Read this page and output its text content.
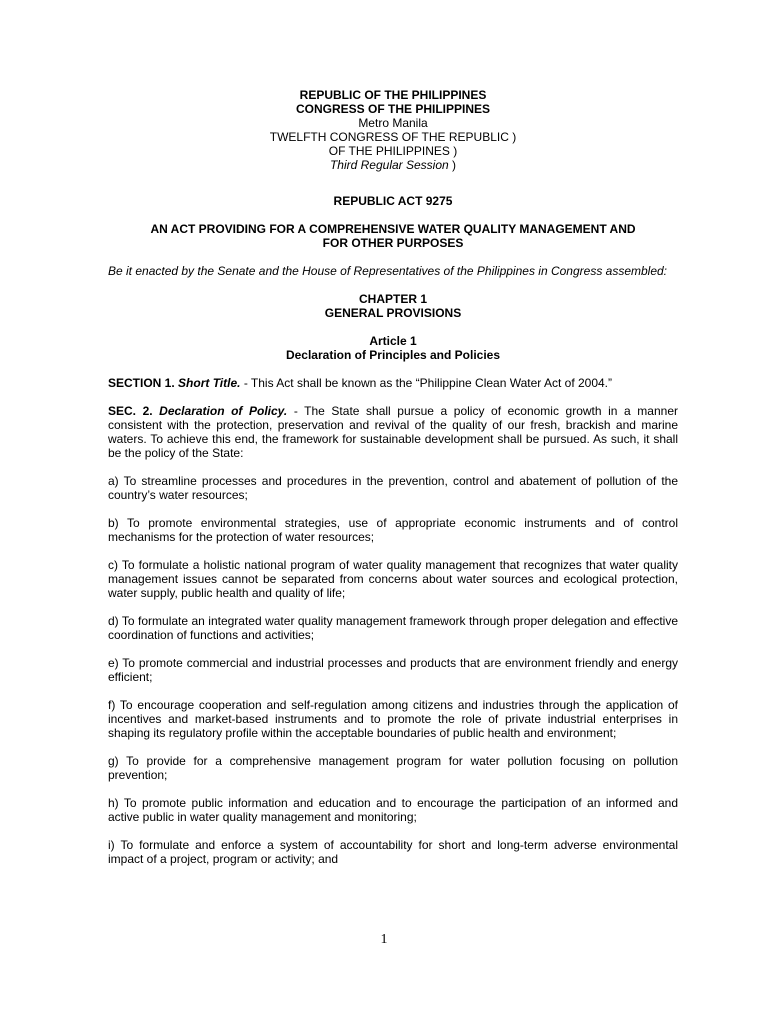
REPUBLIC OF THE PHILIPPINES
CONGRESS OF THE PHILIPPINES
Metro Manila
TWELFTH CONGRESS OF THE REPUBLIC )
OF THE PHILIPPINES )
Third Regular Session )
REPUBLIC ACT 9275
AN ACT PROVIDING FOR A COMPREHENSIVE WATER QUALITY MANAGEMENT AND
FOR OTHER PURPOSES
Be it enacted by the Senate and the House of Representatives of the Philippines in Congress assembled:
CHAPTER 1
GENERAL PROVISIONS
Article 1
Declaration of Principles and Policies
SECTION 1. Short Title. - This Act shall be known as the “Philippine Clean Water Act of 2004.”
SEC. 2. Declaration of Policy. - The State shall pursue a policy of economic growth in a manner consistent with the protection, preservation and revival of the quality of our fresh, brackish and marine waters. To achieve this end, the framework for sustainable development shall be pursued. As such, it shall be the policy of the State:
a) To streamline processes and procedures in the prevention, control and abatement of pollution of the country’s water resources;
b) To promote environmental strategies, use of appropriate economic instruments and of control mechanisms for the protection of water resources;
c) To formulate a holistic national program of water quality management that recognizes that water quality management issues cannot be separated from concerns about water sources and ecological protection, water supply, public health and quality of life;
d) To formulate an integrated water quality management framework through proper delegation and effective coordination of functions and activities;
e) To promote commercial and industrial processes and products that are environment friendly and energy efficient;
f) To encourage cooperation and self-regulation among citizens and industries through the application of incentives and market-based instruments and to promote the role of private industrial enterprises in shaping its regulatory profile within the acceptable boundaries of public health and environment;
g) To provide for a comprehensive management program for water pollution focusing on pollution prevention;
h) To promote public information and education and to encourage the participation of an informed and active public in water quality management and monitoring;
i) To formulate and enforce a system of accountability for short and long-term adverse environmental impact of a project, program or activity; and
1
